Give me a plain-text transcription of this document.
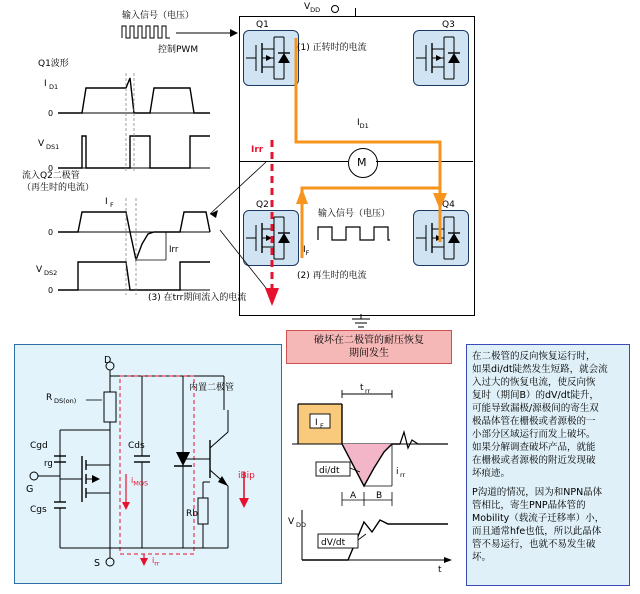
输入信号（电压）
控制PWM
Q1波形
I D1
0
V DS1
0
流入Q2二极管
（再生时的电流）
I F
0
Irr
V DS2
0
$V_{DD}$
Q1	Q3
Q2	Q4
M
(1) 正转时的电流
$I_{D1}$
输入信号（电压）
$I_F$
(2) 再生时的电流
Irr
(3) 在trr期间流入的电流
D
R DS(on)
Cgd
Cgs
G
rg
Cds
Rb
S
内置二极管
$i_{MOS}$
iBip
$i_{rr}$
破坏在二极管的耐压恢复
期间发生
t rr
I F
di/dt	i rr
A B
V DD
dV/dt
t
在二极管的反向恢复运行时，
如果di/dt陡然发生短路，就会流
入过大的恢复电流，使反向恢
复时（期间B）的dV/dt陡升，
可能导致漏极/源极间的寄生双
极晶体管在栅极或者源极的一
小部分区域运行而发上破坏。
如果分解调查破坏产品，就能
在栅极或者源极的附近发现破
坏痕迹。
P沟道的情况，因为和NPN晶体
管相比，寄生PNP晶体管的
Mobility（载流子迁移率）小，
而且通常hfe也低，所以此晶体
管不易运行，也就不易发生破
坏。
